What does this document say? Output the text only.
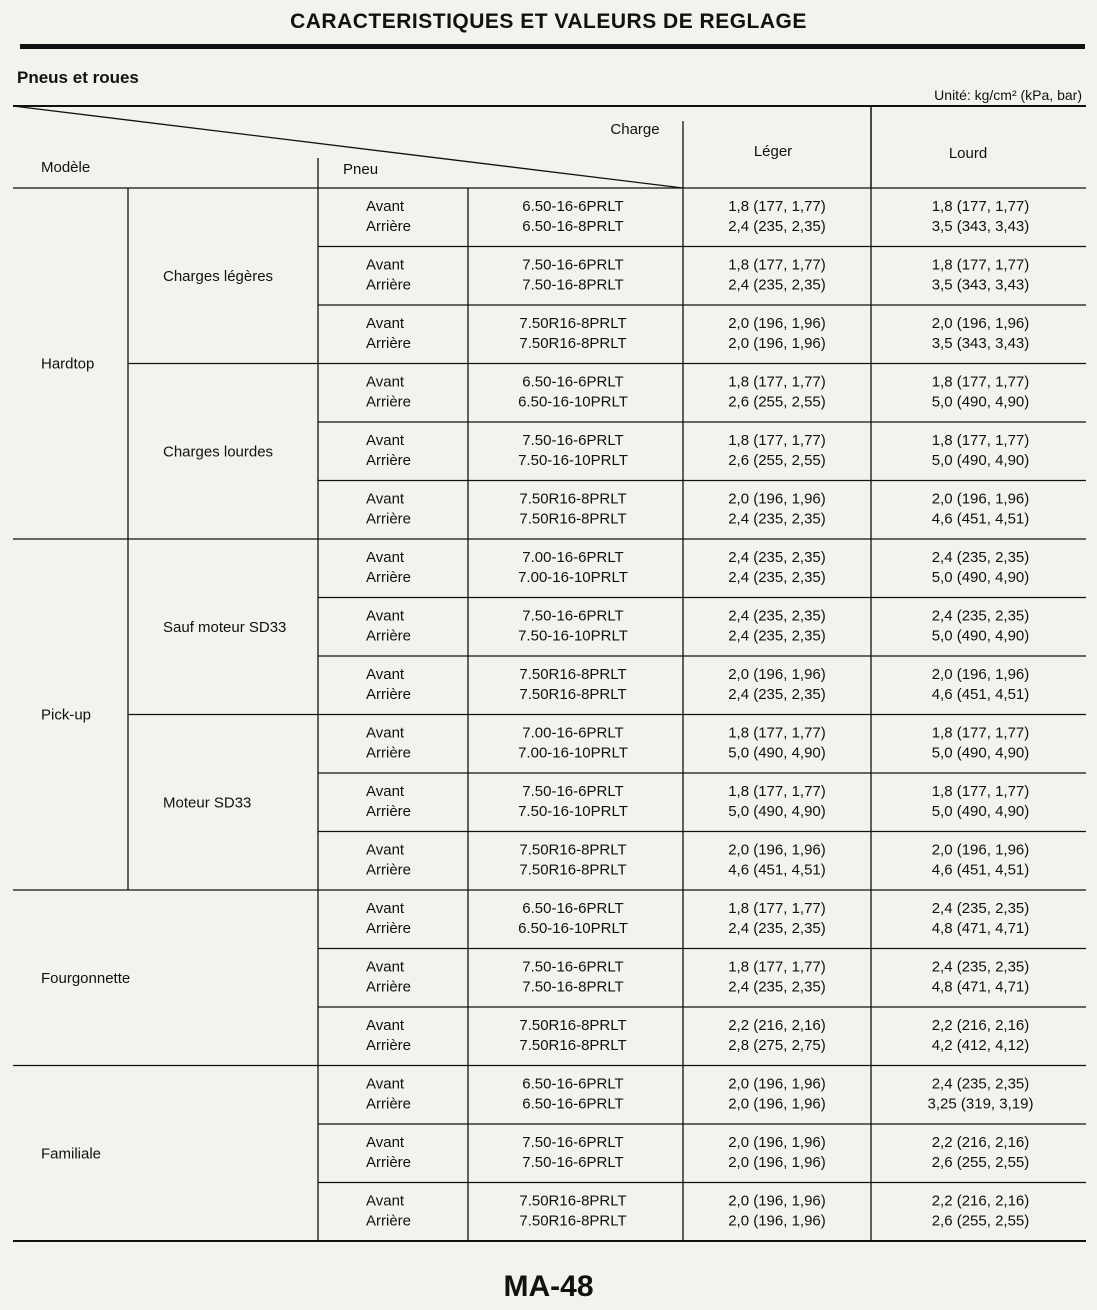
CARACTERISTIQUES ET VALEURS DE REGLAGE
Pneus et roues
Unité: kg/cm² (kPa, bar)
Charge
Modèle	Pneu
Léger	Lourd
Avant
Arrière
6.50-16-6PRLT
6.50-16-8PRLT
1,8 (177, 1,77)
2,4 (235, 2,35)
1,8 (177, 1,77)
3,5 (343, 3,43)
Avant
Arrière
7.50-16-6PRLT
7.50-16-8PRLT
1,8 (177, 1,77)
2,4 (235, 2,35)
1,8 (177, 1,77)
3,5 (343, 3,43)
Avant
Arrière
7.50R16-8PRLT
7.50R16-8PRLT
2,0 (196, 1,96)
2,0 (196, 1,96)
2,0 (196, 1,96)
3,5 (343, 3,43)
Charges légères
Avant
Arrière
6.50-16-6PRLT
6.50-16-10PRLT
1,8 (177, 1,77)
2,6 (255, 2,55)
1,8 (177, 1,77)
5,0 (490, 4,90)
Avant
Arrière
7.50-16-6PRLT
7.50-16-10PRLT
1,8 (177, 1,77)
2,6 (255, 2,55)
1,8 (177, 1,77)
5,0 (490, 4,90)
Avant
Arrière
7.50R16-8PRLT
7.50R16-8PRLT
2,0 (196, 1,96)
2,4 (235, 2,35)
2,0 (196, 1,96)
4,6 (451, 4,51)
Charges lourdes
Hardtop
Avant
Arrière
7.00-16-6PRLT
7.00-16-10PRLT
2,4 (235, 2,35)
2,4 (235, 2,35)
2,4 (235, 2,35)
5,0 (490, 4,90)
Avant
Arrière
7.50-16-6PRLT
7.50-16-10PRLT
2,4 (235, 2,35)
2,4 (235, 2,35)
2,4 (235, 2,35)
5,0 (490, 4,90)
Avant
Arrière
7.50R16-8PRLT
7.50R16-8PRLT
2,0 (196, 1,96)
2,4 (235, 2,35)
2,0 (196, 1,96)
4,6 (451, 4,51)
Sauf moteur SD33
Avant
Arrière
7.00-16-6PRLT
7.00-16-10PRLT
1,8 (177, 1,77)
5,0 (490, 4,90)
1,8 (177, 1,77)
5,0 (490, 4,90)
Avant
Arrière
7.50-16-6PRLT
7.50-16-10PRLT
1,8 (177, 1,77)
5,0 (490, 4,90)
1,8 (177, 1,77)
5,0 (490, 4,90)
Avant
Arrière
7.50R16-8PRLT
7.50R16-8PRLT
2,0 (196, 1,96)
4,6 (451, 4,51)
2,0 (196, 1,96)
4,6 (451, 4,51)
Moteur SD33
Pick-up
Avant
Arrière
6.50-16-6PRLT
6.50-16-10PRLT
1,8 (177, 1,77)
2,4 (235, 2,35)
2,4 (235, 2,35)
4,8 (471, 4,71)
Avant
Arrière
7.50-16-6PRLT
7.50-16-8PRLT
1,8 (177, 1,77)
2,4 (235, 2,35)
2,4 (235, 2,35)
4,8 (471, 4,71)
Avant
Arrière
7.50R16-8PRLT
7.50R16-8PRLT
2,2 (216, 2,16)
2,8 (275, 2,75)
2,2 (216, 2,16)
4,2 (412, 4,12)
Fourgonnette
Avant
Arrière
6.50-16-6PRLT
6.50-16-6PRLT
2,0 (196, 1,96)
2,0 (196, 1,96)
2,4 (235, 2,35)
3,25 (319, 3,19)
Avant
Arrière
7.50-16-6PRLT
7.50-16-6PRLT
2,0 (196, 1,96)
2,0 (196, 1,96)
2,2 (216, 2,16)
2,6 (255, 2,55)
Avant
Arrière
7.50R16-8PRLT
7.50R16-8PRLT
2,0 (196, 1,96)
2,0 (196, 1,96)
2,2 (216, 2,16)
2,6 (255, 2,55)
Familiale
MA-48
